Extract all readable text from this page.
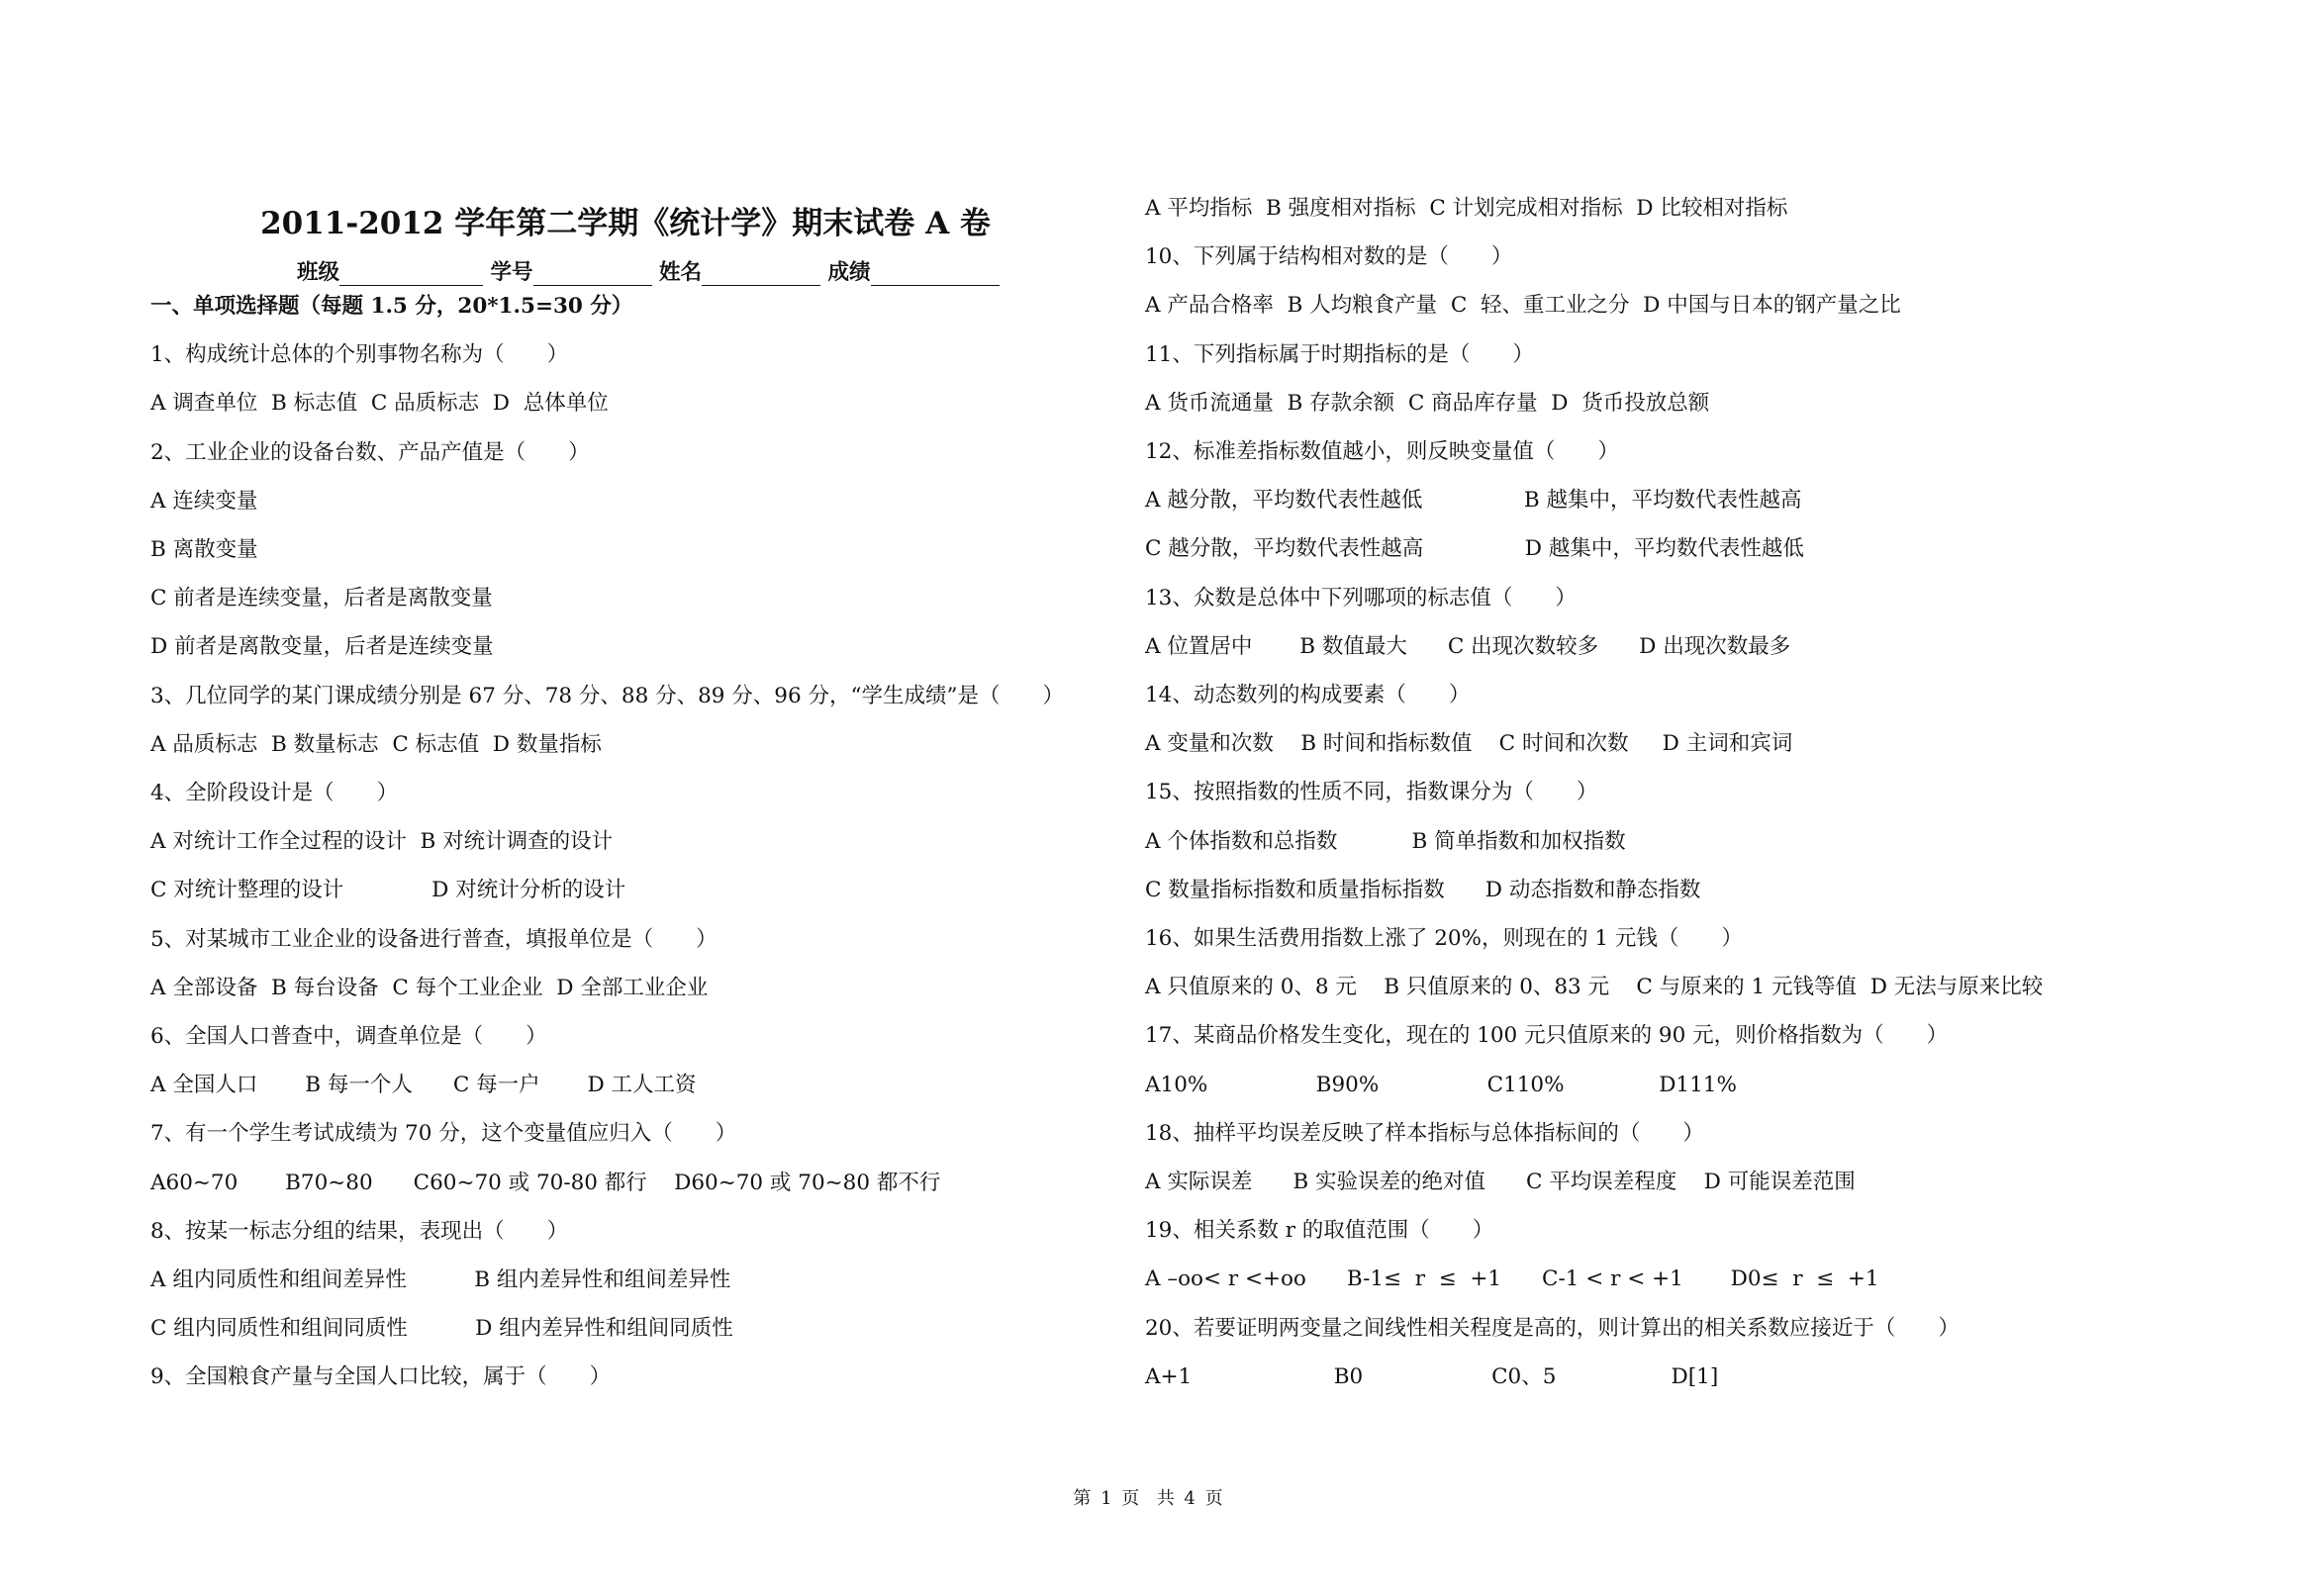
2011-2012 学年第二学期《统计学》期末试卷 A 卷
班级	学号	姓名	成绩
一、单项选择题（每题 1.5 分，20*1.5=30 分）
1、构成统计总体的个别事物名称为（　　）
A 调查单位  B 标志值  C 品质标志  D  总体单位
2、工业企业的设备台数、产品产值是（　　）
A 连续变量
B 离散变量
C 前者是连续变量，后者是离散变量
D 前者是离散变量，后者是连续变量
3、几位同学的某门课成绩分别是 67 分、78 分、88 分、89 分、96 分，“学生成绩”是（　　）
A 品质标志  B 数量标志  C 标志值  D 数量指标
4、全阶段设计是（　　）
A 对统计工作全过程的设计  B 对统计调查的设计
C 对统计整理的设计             D 对统计分析的设计
5、对某城市工业企业的设备进行普查，填报单位是（　　）
A 全部设备  B 每台设备  C 每个工业企业  D 全部工业企业
6、全国人口普查中，调查单位是（　　）
A 全国人口       B 每一个人      C 每一户       D 工人工资
7、有一个学生考试成绩为 70 分，这个变量值应归入（　　）
A60~70       B70~80      C60~70 或 70-80 都行    D60~70 或 70~80 都不行
8、按某一标志分组的结果，表现出（　　）
A 组内同质性和组间差异性          B 组内差异性和组间差异性
C 组内同质性和组间同质性          D 组内差异性和组间同质性
9、全国粮食产量与全国人口比较，属于（　　）
A 平均指标  B 强度相对指标  C 计划完成相对指标  D 比较相对指标
10、下列属于结构相对数的是（　　）
A 产品合格率  B 人均粮食产量  C  轻、重工业之分  D 中国与日本的钢产量之比
11、下列指标属于时期指标的是（　　）
A 货币流通量  B 存款余额  C 商品库存量  D  货币投放总额
12、标准差指标数值越小，则反映变量值（　　）
A 越分散，平均数代表性越低               B 越集中，平均数代表性越高
C 越分散，平均数代表性越高               D 越集中，平均数代表性越低
13、众数是总体中下列哪项的标志值（　　）
A 位置居中       B 数值最大      C 出现次数较多      D 出现次数最多
14、动态数列的构成要素（　　）
A 变量和次数    B 时间和指标数值    C 时间和次数     D 主词和宾词
15、按照指数的性质不同，指数课分为（　　）
A 个体指数和总指数           B 简单指数和加权指数
C 数量指标指数和质量指标指数      D 动态指数和静态指数
16、如果生活费用指数上涨了 20%，则现在的 1 元钱（　　）
A 只值原来的 0、8 元    B 只值原来的 0、83 元    C 与原来的 1 元钱等值  D 无法与原来比较
17、某商品价格发生变化，现在的 100 元只值原来的 90 元，则价格指数为（　　）
A10%                B90%                C110%              D111%
18、抽样平均误差反映了样本指标与总体指标间的（　　）
A 实际误差      B 实验误差的绝对值      C 平均误差程度    D 可能误差范围
19、相关系数 r 的取值范围（　　）
A –oo< r <+oo      B-1≤  r  ≤  +1      C-1 < r < +1       D0≤  r  ≤  +1
20、若要证明两变量之间线性相关程度是高的，则计算出的相关系数应接近于（　　）
A+1                     B0                   C0、5                 D[1]
第 1 页  共 4 页
